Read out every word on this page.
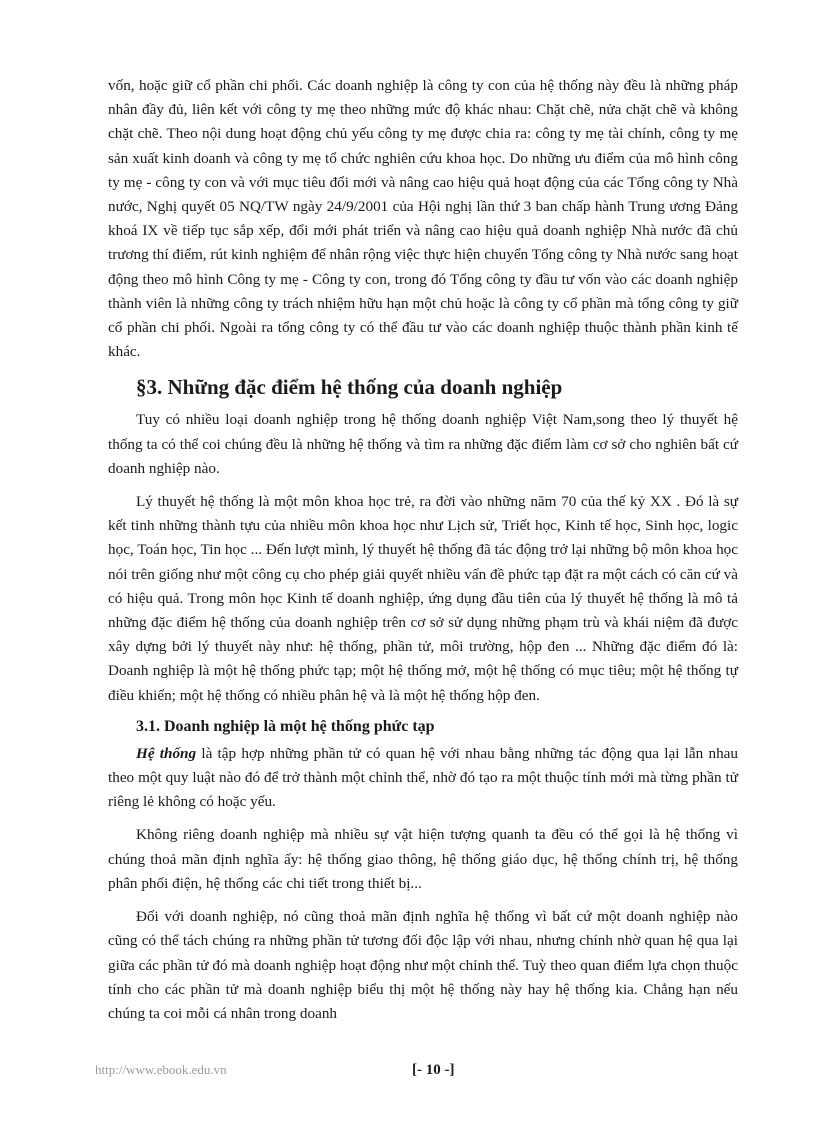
vốn, hoặc giữ cổ phần chi phối. Các doanh nghiệp là công ty con của hệ thống này đều là những pháp nhân đầy đủ, liên kết với công ty mẹ theo những mức độ khác nhau: Chặt chẽ, nửa chặt chẽ và không chặt chẽ. Theo nội dung hoạt động chủ yếu công ty mẹ được chia ra: công ty mẹ tài chính, công ty mẹ sản xuất kinh doanh và công ty mẹ tổ chức nghiên cứu khoa học. Do những ưu điểm của mô hình công ty mẹ - công ty con và với mục tiêu đổi mới và nâng cao hiệu quả hoạt động của các Tổng công ty Nhà nước, Nghị quyết 05 NQ/TW ngày 24/9/2001 của Hội nghị lần thứ 3 ban chấp hành Trung ương Đảng khoá IX về tiếp tục sắp xếp, đổi mới phát triển và nâng cao hiệu quả doanh nghiệp Nhà nước đã chủ trương thí điểm, rút kinh nghiệm để nhân rộng việc thực hiện chuyển Tổng công ty Nhà nước sang hoạt động theo mô hình Công ty mẹ - Công ty con, trong đó Tổng công ty đầu tư vốn vào các doanh nghiệp thành viên là những công ty trách nhiệm hữu hạn một chủ hoặc là công ty cổ phần mà tổng công ty giữ cổ phần chi phối. Ngoài ra tổng công ty có thể đầu tư vào các doanh nghiệp thuộc thành phần kinh tế khác.

§3. Những đặc điểm hệ thống của doanh nghiệp

Tuy có nhiều loại doanh nghiệp trong hệ thống doanh nghiệp Việt Nam,song theo lý thuyết hệ thống ta có thể coi chúng đều là những hệ thống và tìm ra những đặc điểm làm cơ sở cho nghiên bất cứ doanh nghiệp nào.

Lý thuyết hệ thống là một môn khoa học trẻ, ra đời vào những năm 70 của thế kỷ XX . Đó là sự kết tinh những thành tựu của nhiều môn khoa học như Lịch sử, Triết học, Kinh tế học, Sinh học, logic học, Toán học, Tin học ... Đến lượt mình, lý thuyết hệ thống đã tác động trở lại những bộ môn khoa học nói trên giống như một công cụ cho phép giải quyết nhiều vấn đề phức tạp đặt ra một cách có căn cứ và có hiệu quả. Trong môn học Kinh tế doanh nghiệp, ứng dụng đầu tiên của lý thuyết hệ thống là mô tả những đặc điểm hệ thống của doanh nghiệp trên cơ sở sử dụng những phạm trù và khái niệm đã được xây dựng bởi lý thuyết này như: hệ thống, phần tử, môi trường, hộp đen ... Những đặc điểm đó là: Doanh nghiệp là một hệ thống phức tạp; một hệ thống mở, một hệ thống có mục tiêu; một hệ thống tự điều khiển; một hệ thống có nhiều phân hệ và là một hệ thống hộp đen.

3.1. Doanh nghiệp là một hệ thống phức tạp

Hệ thống là tập hợp những phần tử có quan hệ với nhau bằng những tác động qua lại lẫn nhau theo một quy luật nào đó để trở thành một chỉnh thể, nhờ đó tạo ra một thuộc tính mới mà từng phần tử riêng lẻ không có hoặc yếu.

Không riêng doanh nghiệp mà nhiều sự vật hiện tượng quanh ta đều có thể gọi là hệ thống vì chúng thoả mãn định nghĩa ấy: hệ thống giao thông, hệ thống giáo dục, hệ thống chính trị, hệ thống phân phối điện, hệ thống các chi tiết trong thiết bị...

Đối với doanh nghiệp, nó cũng thoả mãn định nghĩa hệ thống vì bất cứ một doanh nghiệp nào cũng có thể tách chúng ra những phần tử tương đối độc lập với nhau, nhưng chính nhờ quan hệ qua lại giữa các phần tử đó mà doanh nghiệp hoạt động như một chỉnh thể. Tuỳ theo quan điểm lựa chọn thuộc tính cho các phần tử mà doanh nghiệp biểu thị một hệ thống này hay hệ thống kia. Chẳng hạn nếu chúng ta coi mỗi cá nhân trong doanh

http://www.ebook.edu.vn	[- 10 -]
